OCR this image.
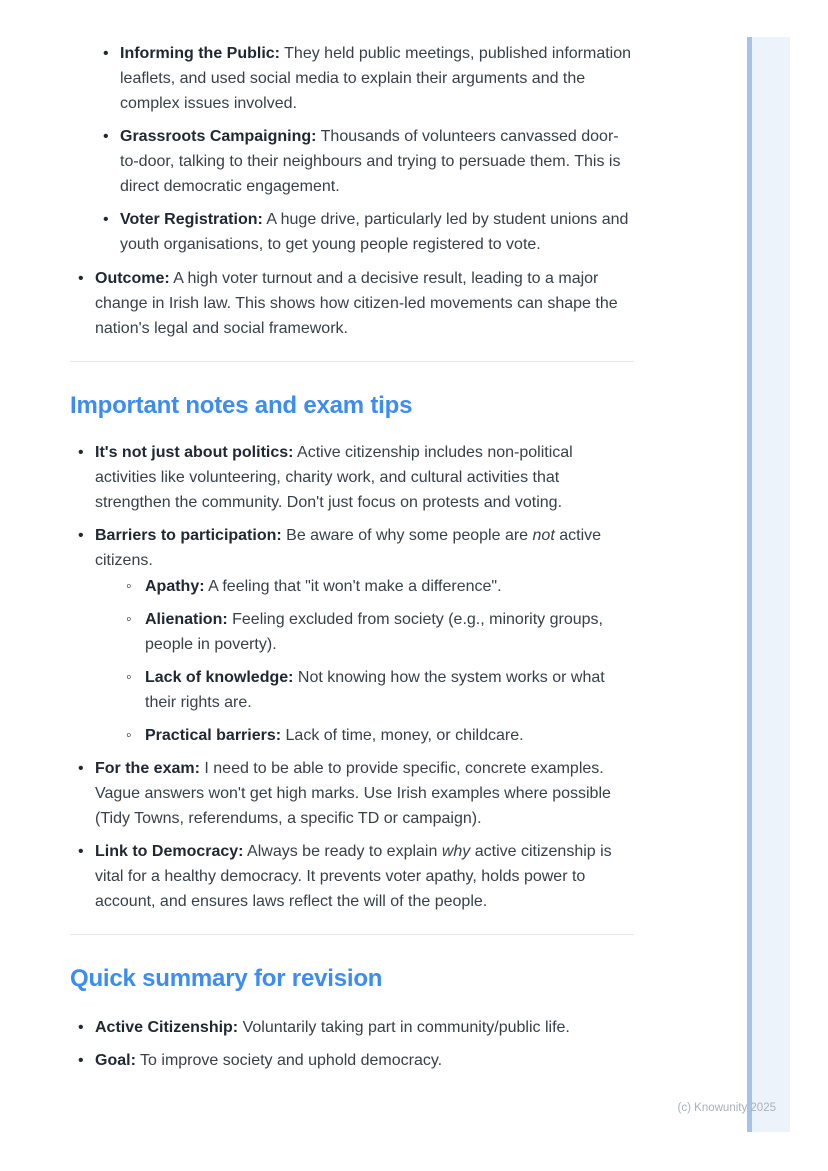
• Informing the Public: They held public meetings, published information leaflets, and used social media to explain their arguments and the complex issues involved.
• Grassroots Campaigning: Thousands of volunteers canvassed door-to-door, talking to their neighbours and trying to persuade them. This is direct democratic engagement.
• Voter Registration: A huge drive, particularly led by student unions and youth organisations, to get young people registered to vote.
• Outcome: A high voter turnout and a decisive result, leading to a major change in Irish law. This shows how citizen-led movements can shape the nation's legal and social framework.
Important notes and exam tips
• It's not just about politics: Active citizenship includes non-political activities like volunteering, charity work, and cultural activities that strengthen the community. Don't just focus on protests and voting.
• Barriers to participation: Be aware of why some people are not active citizens.
◦ Apathy: A feeling that "it won't make a difference".
◦ Alienation: Feeling excluded from society (e.g., minority groups, people in poverty).
◦ Lack of knowledge: Not knowing how the system works or what their rights are.
◦ Practical barriers: Lack of time, money, or childcare.
• For the exam: I need to be able to provide specific, concrete examples. Vague answers won't get high marks. Use Irish examples where possible (Tidy Towns, referendums, a specific TD or campaign).
• Link to Democracy: Always be ready to explain why active citizenship is vital for a healthy democracy. It prevents voter apathy, holds power to account, and ensures laws reflect the will of the people.
Quick summary for revision
• Active Citizenship: Voluntarily taking part in community/public life.
• Goal: To improve society and uphold democracy.
(c) Knowunity 2025
